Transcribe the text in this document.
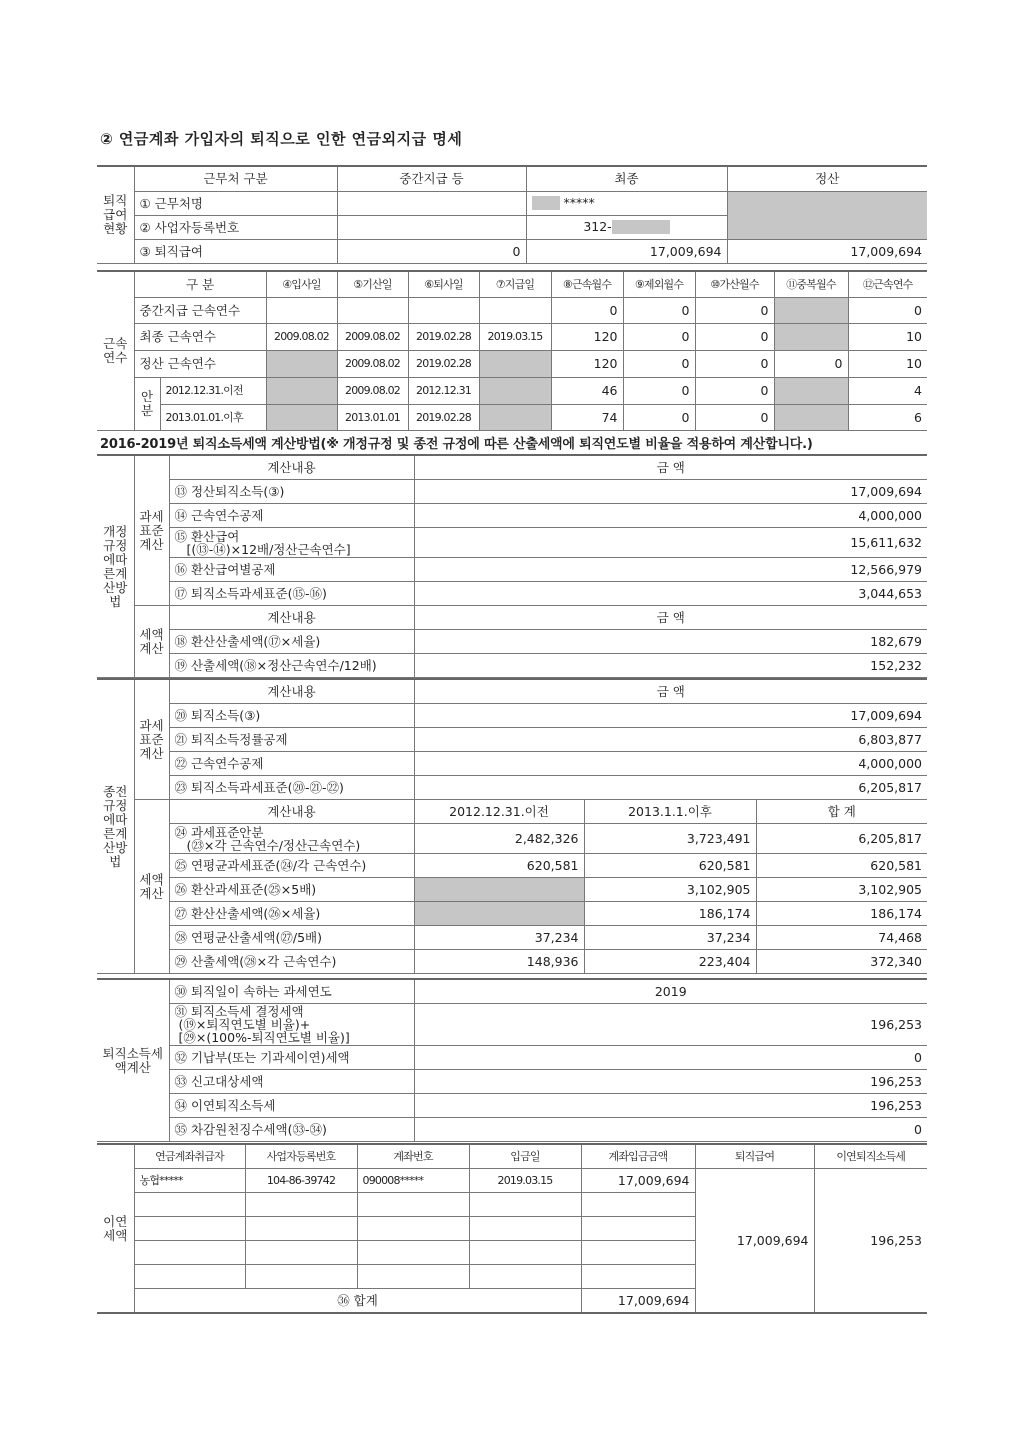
② 연금계좌 가입자의 퇴직으로 인한 연금외지급 명세
퇴직급여현황	근무처 구분	중간지급 등	최종	정산
	① 근무처명		*****	
	② 사업자등록번호		312-	
	③ 퇴직급여	0	17,009,694	17,009,694
근속연수	구 분		④입사일	⑤기산일	⑥퇴사일	⑦지급일	⑧근속월수	⑨제외월수	⑩가산월수	⑪중복월수	⑫근속연수
	중간지급 근속연수						0	0	0		0
	최종 근속연수		2009.08.02	2009.08.02	2019.02.28	2019.03.15	120	0	0		10
	정산 근속연수			2009.08.02	2019.02.28		120	0	0	0	10
	안분	2012.12.31.이전		2009.08.02	2012.12.31		46	0	0		4
		2013.01.01.이후		2013.01.01	2019.02.28		74	0	0		6
2016-2019년 퇴직소득세액 계산방법(※ 개정규정 및 종전 규정에 따른 산출세액에 퇴직연도별 비율을 적용하여 계산합니다.)
개정규정에따른계산방법	과세표준계산	계산내용	금 액
		⑬ 정산퇴직소득(③)	17,009,694
		⑭ 근속연수공제	4,000,000

		⑮ 환산급여
[(⑬-⑭)×12배/정산근속연수]	15,611,632
		⑯ 환산급여별공제	12,566,979
		⑰ 퇴직소득과세표준(⑮-⑯)	3,044,653
	세액계산	계산내용	금 액
		⑱ 환산산출세액(⑰×세율)	182,679
		⑲ 산출세액(⑱×정산근속연수/12배)	152,232
종전규정에따른계산방법	과세표준계산	계산내용	금 액		
		⑳ 퇴직소득(③)	17,009,694		
		㉑ 퇴직소득정률공제	6,803,877		
		㉒ 근속연수공제	4,000,000		
		㉓ 퇴직소득과세표준(⑳-㉑-㉒)	6,205,817		
	세액계산	계산내용	2012.12.31.이전	2013.1.1.이후	합 계

		㉔ 과세표준안분
(㉓×각 근속연수/정산근속연수)	2,482,326	3,723,491	6,205,817
		㉕ 연평균과세표준(㉔/각 근속연수)	620,581	620,581	620,581
		㉖ 환산과세표준(㉕×5배)		3,102,905	3,102,905
		㉗ 환산산출세액(㉖×세율)		186,174	186,174
		㉘ 연평균산출세액(㉗/5배)	37,234	37,234	74,468
		㉙ 산출세액(㉘×각 근속연수)	148,936	223,404	372,340
퇴직소득세액계산	㉚ 퇴직일이 속하는 과세연도	2019

	㉛ 퇴직소득세 결정세액
(⑲×퇴직연도별 비율)+
[㉙×(100%-퇴직연도별 비율)]	196,253
	㉜ 기납부(또는 기과세이연)세액	0
	㉝ 신고대상세액	196,253
	㉞ 이연퇴직소득세	196,253
	㉟ 차감원천징수세액(㉝-㉞)	0
이연세액	연금계좌취급자	사업자등록번호	계좌번호	입금일	계좌입금금액	퇴직급여	이연퇴직소득세
	농협*****	104-86-39742	090008*****	2019.03.15	17,009,694	17,009,694	196,253

	㊱ 합계				17,009,694		
